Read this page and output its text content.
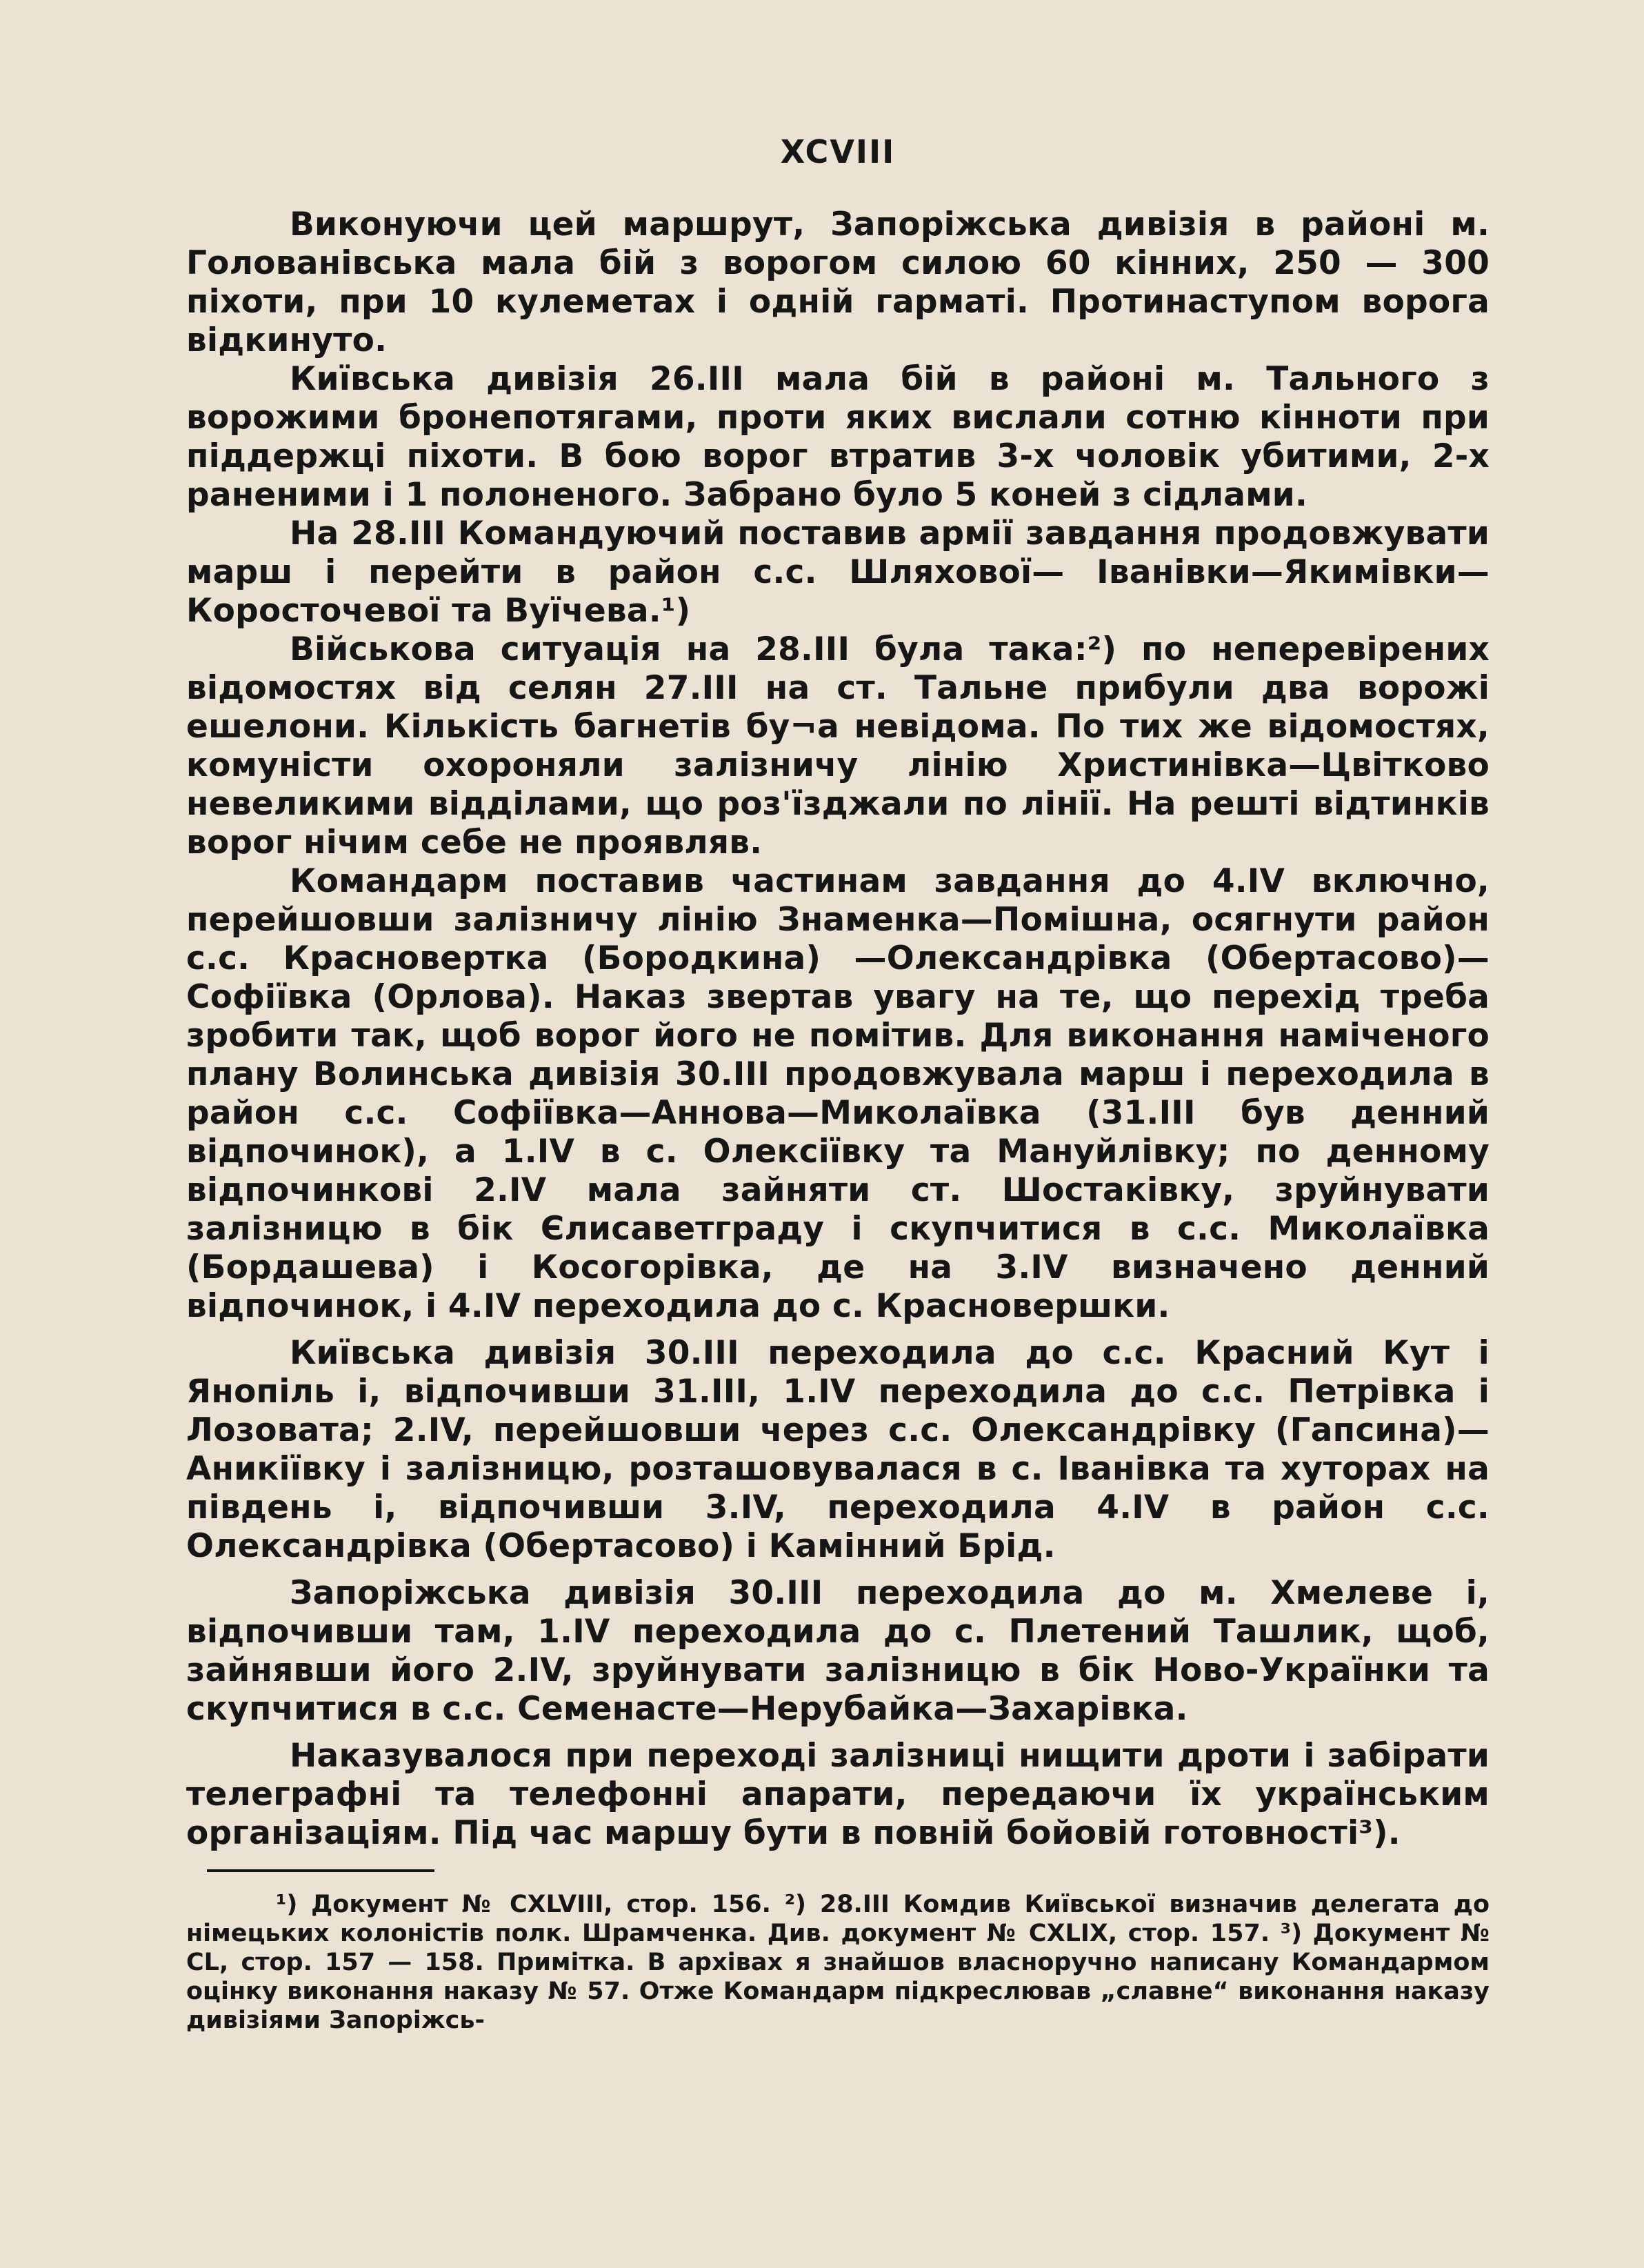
XCVIII

Виконуючи цей маршрут, Запоріжська дивізія в районі м. Голованівська мала бій з ворогом силою 60 кінних, 250 — 300 піхоти, при 10 кулеметах і одній гарматі. Протинаступом ворога відкинуто.

Київська дивізія 26.III мала бій в районі м. Тального з ворожими бронепотягами, проти яких вислали сотню кінноти при піддержці піхоти. В бою ворог втратив 3-х чоловік убитими, 2-х раненими і 1 полоненого. Забрано було 5 коней з сідлами.

На 28.III Командуючий поставив армії завдання продовжувати марш і перейти в район с.с. Шляхової— Іванівки—Якимівки—Коросточевої та Вуїчева.¹)

Військова ситуація на 28.III була така:²) по неперевірених відомостях від селян 27.III на ст. Тальне прибули два ворожі ешелони. Кількість багнетів бу¬а невідома. По тих же відомостях, комуністи охороняли залізничу лінію Христинівка—Цвітково невеликими відділами, що роз'їзджали по лінії. На решті відтинків ворог нічим себе не проявляв.

Командарм поставив частинам завдання до 4.IV включно, перейшовши залізничу лінію Знаменка—Помішна, осягнути район с.с. Красновертка (Бородкина) —Олександрівка (Обертасово)—Софіївка (Орлова). Наказ звертав увагу на те, що перехід треба зробити так, щоб ворог його не помітив. Для виконання наміченого плану Волинська дивізія 30.III продовжувала марш і переходила в район с.с. Софіївка—Аннова—Миколаївка (31.III був денний відпочинок), а 1.IV в с. Олексіївку та Мануйлівку; по денному відпочинкові 2.IV мала зайняти ст. Шостаківку, зруйнувати залізницю в бік Єлисаветграду і скупчитися в с.с. Миколаївка (Бордашева) і Косогорівка, де на 3.IV визначено денний відпочинок, і 4.IV переходила до с. Красновершки.

Київська дивізія 30.III переходила до с.с. Красний Кут і Янопіль і, відпочивши 31.III, 1.IV переходила до с.с. Петрівка і Лозовата; 2.IV, перейшовши через с.с. Олександрівку (Гапсина)—Аникіївку і залізницю, розташовувалася в с. Іванівка та хуторах на південь і, відпочивши 3.IV, переходила 4.IV в район с.с. Олександрівка (Обертасово) і Камінний Брід.

Запоріжська дивізія 30.III переходила до м. Хмелеве і, відпочивши там, 1.IV переходила до с. Плетений Ташлик, щоб, зайнявши його 2.IV, зруйнувати залізницю в бік Ново-Українки та скупчитися в с.с. Семенасте—Нерубайка—Захарівка.

Наказувалося при переході залізниці нищити дроти і забірати телеграфні та телефонні апарати, передаючи їх українським організаціям. Під час маршу бути в повній бойовій готовності³).

¹) Документ № CXLVIII, стор. 156. ²) 28.III Комдив Київської визначив делегата до німецьких колоністів полк. Шрамченка. Див. документ № CXLIX, стор. 157. ³) Документ № CL, стор. 157 — 158. Примітка. В архівах я знайшов власноручно написану Командармом оцінку виконання наказу № 57. Отже Командарм підкреслював „славне“ виконання наказу дивізіями Запоріжсь-
